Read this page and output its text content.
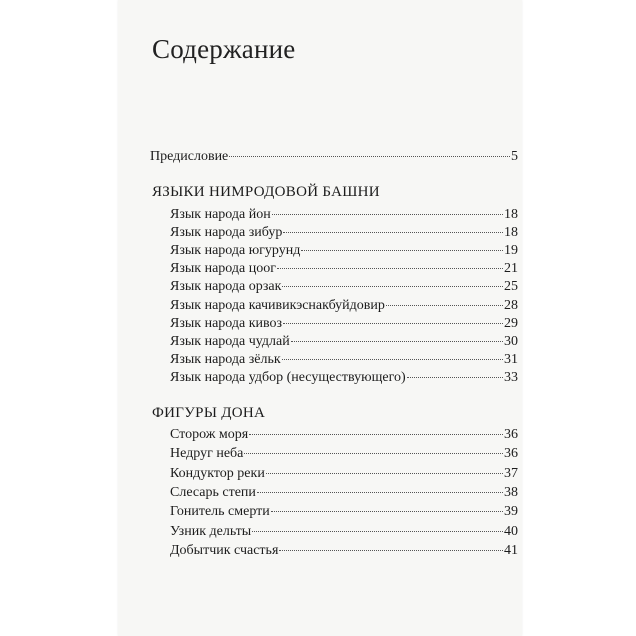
Содержание
Предисловие	5
ЯЗЫКИ НИМРОДОВОЙ БАШНИ
Язык народа йон	18
Язык народа зибур	18
Язык народа югурунд	19
Язык народа цоог	21
Язык народа орзак	25
Язык народа качивикэснакбуйдовир	28
Язык народа кивоз	29
Язык народа чудлай	30
Язык народа зёльк	31
Язык народа удбор (несуществующего)	33
ФИГУРЫ ДОНА
Сторож моря	36
Недруг неба	36
Кондуктор реки	37
Слесарь степи	38
Гонитель смерти	39
Узник дельты	40
Добытчик счастья	41
